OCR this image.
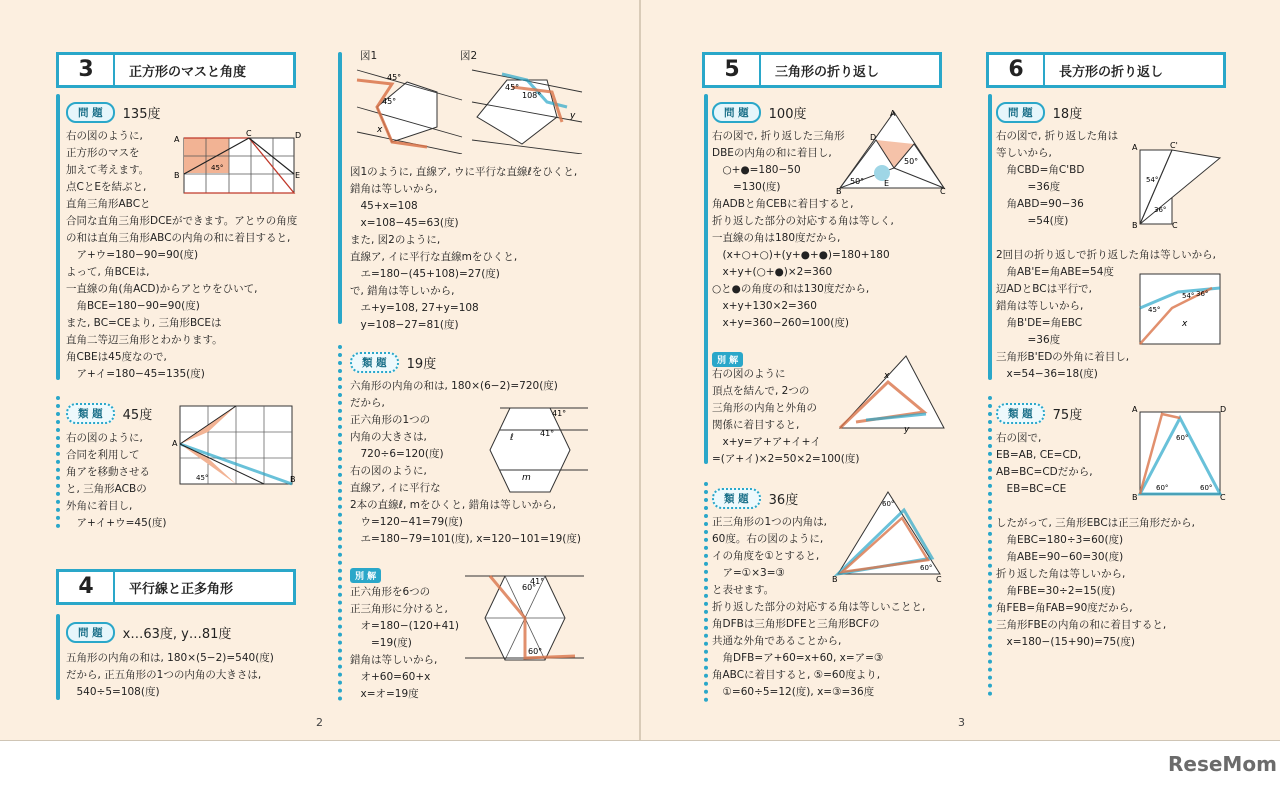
3	正方形のマスと角度
問 題	135度
右の図のように,
正方形のマスを
加えて考えます。
点CとEを結ぶと,
直角三角形ABCと
合同な直角三角形DCEができます。アとウの角度
の和は直角三角形ABCの内角の和に着目すると,
　ア+ウ=180−90=90(度)
よって, 角BCEは,
一直線の角(角ACD)からアとウをひいて,
　角BCE=180−90=90(度)
また, BC=CEより, 三角形BCEは
直角二等辺三角形とわかります。
角CBEは45度なので,
　ア+イ=180−45=135(度)
A
B
C	D
E
45°
類 題	45度
右の図のように,
合同を利用して
角アを移動させる
と, 三角形ACBの
外角に着目し,
　ア+イ+ウ=45(度)
A
B
45°
4	平行線と正多角形
問 題	x…63度, y…81度
五角形の内角の和は, 180×(5−2)=540(度)
だから, 正五角形の1つの内角の大きさは,
　540÷5=108(度)
図1	図2
45°
45°
x
45°
108°
y
図1のように, 直線ア, ウに平行な直線ℓをひくと,
錯角は等しいから,
　45+x=108
　x=108−45=63(度)
また, 図2のように,
直線ア, イに平行な直線mをひくと,
　エ=180−(45+108)=27(度)
で, 錯角は等しいから,
　エ+y=108, 27+y=108
　y=108−27=81(度)
類 題	19度
六角形の内角の和は, 180×(6−2)=720(度)
だから,
正六角形の1つの
内角の大きさは,
　720÷6=120(度)
右の図のように,
直線ア, イに平行な
2本の直線ℓ, mをひくと, 錯角は等しいから,
　ウ=120−41=79(度)
　エ=180−79=101(度), x=120−101=19(度)
41°
41°
m
ℓ
別 解
正六角形を6つの
正三角形に分けると,
　オ=180−(120+41)
　　=19(度)
錯角は等しいから,
　オ+60=60+x
　x=オ=19度
41°
60°
60°
2
5	三角形の折り返し
問 題	100度
右の図で, 折り返した三角形
DBEの内角の和に着目し,
　○+●=180−50
　　=130(度)
角ADBと角CEBに着目すると,
折り返した部分の対応する角は等しく,
一直線の角は180度だから,
　(x+○+○)+(y+●+●)=180+180
　x+y+(○+●)×2=360
○と●の角度の和は130度だから,
　x+y+130×2=360
　x+y=360−260=100(度)
A
D
B	C
E
50°
50°
別 解
右の図のように
頂点を結んで, 2つの
三角形の内角と外角の
関係に着目すると,
　x+y=ア+ア+イ+イ
=(ア+イ)×2=50×2=100(度)
x
y
類 題	36度
正三角形の1つの内角は,
60度。右の図のように,
イの角度を①とすると,
　ア=①×3=③
と表せます。
折り返した部分の対応する角は等しいことと,
角DFBは三角形DFEと三角形BCFの
共通な外角であることから,
　角DFB=ア+60=x+60, x=ア=③
角ABCに着目すると, ⑤=60度より,
　①=60÷5=12(度), x=③=36度
60°
60°
B	C
3
6	長方形の折り返し
問 題	18度
右の図で, 折り返した角は
等しいから,
　角CBD=角C'BD
　　　=36度
　角ABD=90−36
　　　=54(度)

2回目の折り返しで折り返した角は等しいから,
　角AB'E=角ABE=54度
辺ADとBCは平行で,
錯角は等しいから,
　角B'DE=角EBC
　　　=36度
三角形B'EDの外角に着目し,
　x=54−36=18(度)
A
B	C
C'
54°
36°
45°
54° 36°
x
類 題	75度
右の図で,
EB=AB, CE=CD,
AB=BC=CDだから,
　EB=BC=CE

したがって, 三角形EBCは正三角形だから,
　角EBC=180÷3=60(度)
　角ABE=90−60=30(度)
折り返した角は等しいから,
　角FBE=30÷2=15(度)
角FEB=角FAB=90度だから,
三角形FBEの内角の和に着目すると,
　x=180−(15+90)=75(度)
A
B	C
D
60°	60°
60°
ReseMom
